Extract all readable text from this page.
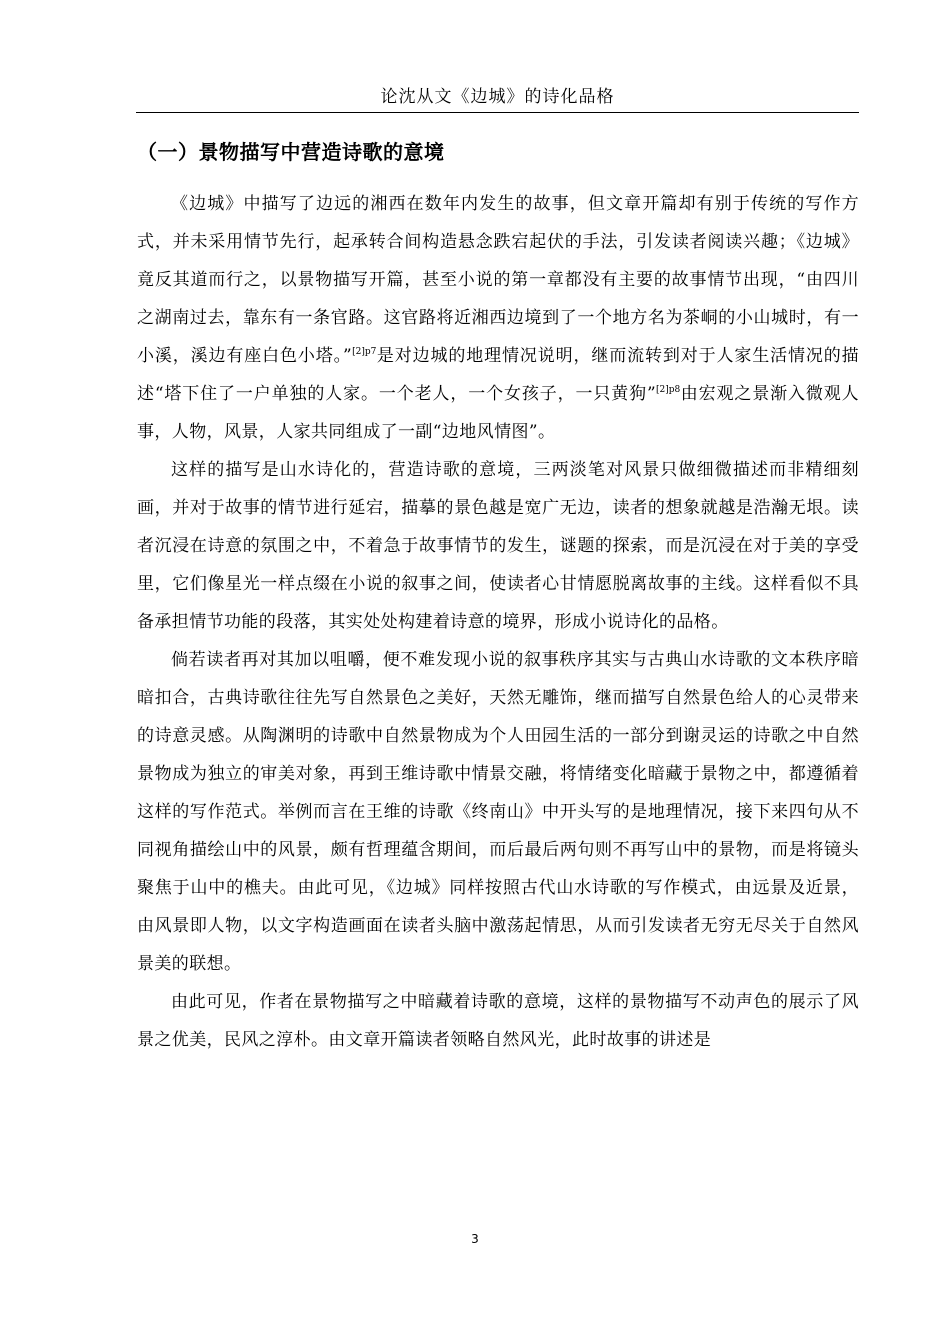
论沈从文《边城》的诗化品格
（一）景物描写中营造诗歌的意境

《边城》中描写了边远的湘西在数年内发生的故事，但文章开篇却有别于传统的写作方式，并未采用情节先行，起承转合间构造悬念跌宕起伏的手法，引发读者阅读兴趣；《边城》竟反其道而行之，以景物描写开篇，甚至小说的第一章都没有主要的故事情节出现，“由四川之湖南过去，靠东有一条官路。这官路将近湘西边境到了一个地方名为茶峒的小山城时，有一小溪，溪边有座白色小塔。”$^{[2]p7}$是对边城的地理情况说明，继而流转到对于人家生活情况的描述“塔下住了一户单独的人家。一个老人，一个女孩子，一只黄狗”$^{[2]p8}$由宏观之景渐入微观人事，人物，风景，人家共同组成了一副“边地风情图”。

这样的描写是山水诗化的，营造诗歌的意境，三两淡笔对风景只做细微描述而非精细刻画，并对于故事的情节进行延宕，描摹的景色越是宽广无边，读者的想象就越是浩瀚无垠。读者沉浸在诗意的氛围之中，不着急于故事情节的发生，谜题的探索，而是沉浸在对于美的享受里，它们像星光一样点缀在小说的叙事之间，使读者心甘情愿脱离故事的主线。这样看似不具备承担情节功能的段落，其实处处构建着诗意的境界，形成小说诗化的品格。

倘若读者再对其加以咀嚼，便不难发现小说的叙事秩序其实与古典山水诗歌的文本秩序暗暗扣合，古典诗歌往往先写自然景色之美好，天然无雕饰，继而描写自然景色给人的心灵带来的诗意灵感。从陶渊明的诗歌中自然景物成为个人田园生活的一部分到谢灵运的诗歌之中自然景物成为独立的审美对象，再到王维诗歌中情景交融，将情绪变化暗藏于景物之中，都遵循着这样的写作范式。举例而言在王维的诗歌《终南山》中开头写的是地理情况，接下来四句从不同视角描绘山中的风景，颇有哲理蕴含期间，而后最后两句则不再写山中的景物，而是将镜头聚焦于山中的樵夫。由此可见，《边城》同样按照古代山水诗歌的写作模式，由远景及近景，由风景即人物，以文字构造画面在读者头脑中激荡起情思，从而引发读者无穷无尽关于自然风景美的联想。

由此可见，作者在景物描写之中暗藏着诗歌的意境，这样的景物描写不动声色的展示了风景之优美，民风之淳朴。由文章开篇读者领略自然风光，此时故事的讲述是

3
